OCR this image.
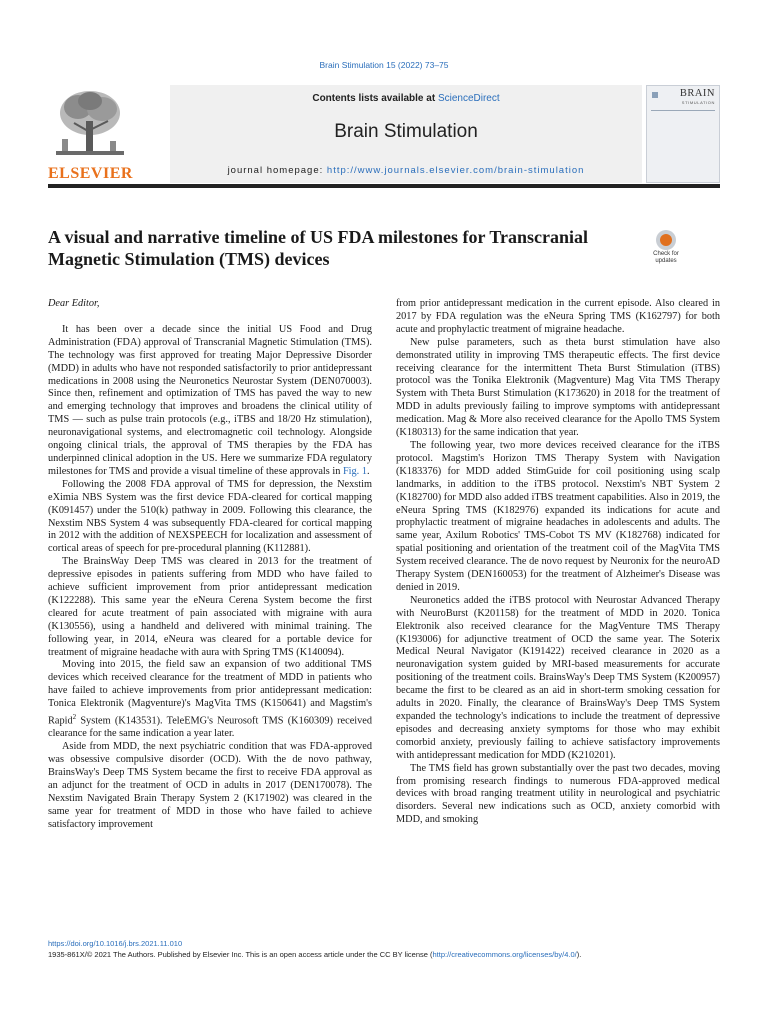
Brain Stimulation 15 (2022) 73–75
ELSEVIER
Contents lists available at ScienceDirect
Brain Stimulation
journal homepage: http://www.journals.elsevier.com/brain-stimulation
BRAIN
STIMULATION
A visual and narrative timeline of US FDA milestones for Transcranial Magnetic Stimulation (TMS) devices	Check for updates

Dear Editor,

It has been over a decade since the initial US Food and Drug Administration (FDA) approval of Transcranial Magnetic Stimulation (TMS). The technology was first approved for treating Major Depressive Disorder (MDD) in adults who have not responded satisfactorily to prior antidepressant medications in 2008 using the Neuronetics Neurostar System (DEN070003). Since then, refinement and optimization of TMS has paved the way to new and emerging technology that improves and broadens the clinical utility of TMS — such as pulse train protocols (e.g., iTBS and 18/20 Hz stimulation), neuronavigational systems, and electromagnetic coil technology. Alongside ongoing clinical trials, the approval of TMS therapies by the FDA has underpinned clinical adoption in the US. Here we summarize FDA regulatory milestones for TMS and provide a visual timeline of these approvals in Fig. 1.

Following the 2008 FDA approval of TMS for depression, the Nexstim eXimia NBS System was the first device FDA-cleared for cortical mapping (K091457) under the 510(k) pathway in 2009. Following this clearance, the Nexstim NBS System 4 was subsequently FDA-cleared for cortical mapping in 2012 with the addition of NEXSPEECH for localization and assessment of cortical areas of speech for pre-procedural planning (K112881).

The BrainsWay Deep TMS was cleared in 2013 for the treatment of depressive episodes in patients suffering from MDD who have failed to achieve sufficient improvement from prior antidepressant medication (K122288). This same year the eNeura Cerena System become the first cleared for acute treatment of pain associated with migraine with aura (K130556), using a handheld and delivered with minimal training. The following year, in 2014, eNeura was cleared for a portable device for treatment of migraine headache with aura with Spring TMS (K140094).

Moving into 2015, the field saw an expansion of two additional TMS devices which received clearance for the treatment of MDD in patients who have failed to achieve improvements from prior antidepressant medication: Tonica Elektronik (Magventure)'s MagVita TMS (K150641) and Magstim's Rapid$^2$ System (K143531). TeleEMG's Neurosoft TMS (K160309) received clearance for the same indication a year later.

Aside from MDD, the next psychiatric condition that was FDA-approved was obsessive compulsive disorder (OCD). With the de novo pathway, BrainsWay's Deep TMS System became the first to receive FDA approval as an adjunct for the treatment of OCD in adults in 2017 (DEN170078). The Nexstim Navigated Brain Therapy System 2 (K171902) was cleared in the same year for treatment of MDD in those who have failed to achieve satisfactory improvement

from prior antidepressant medication in the current episode. Also cleared in 2017 by FDA regulation was the eNeura Spring TMS (K162797) for both acute and prophylactic treatment of migraine headache.

New pulse parameters, such as theta burst stimulation have also demonstrated utility in improving TMS therapeutic effects. The first device receiving clearance for the intermittent Theta Burst Stimulation (iTBS) protocol was the Tonika Elektronik (Magventure) Mag Vita TMS Therapy System with Theta Burst Stimulation (K173620) in 2018 for the treatment of MDD in adults previously failing to improve symptoms with antidepressant medication. Mag & More also received clearance for the Apollo TMS System (K180313) for the same indication that year.

The following year, two more devices received clearance for the iTBS protocol. Magstim's Horizon TMS Therapy System with Navigation (K183376) for MDD added StimGuide for coil positioning using scalp landmarks, in addition to the iTBS protocol. Nexstim's NBT System 2 (K182700) for MDD also added iTBS treatment capabilities. Also in 2019, the eNeura Spring TMS (K182976) expanded its indications for acute and prophylactic treatment of migraine headaches in adolescents and adults. The same year, Axilum Robotics' TMS-Cobot TS MV (K182768) indicated for spatial positioning and orientation of the treatment coil of the MagVita TMS System received clearance. The de novo request by Neuronix for the neuroAD Therapy System (DEN160053) for the treatment of Alzheimer's Disease was denied in 2019.

Neuronetics added the iTBS protocol with Neurostar Advanced Therapy with NeuroBurst (K201158) for the treatment of MDD in 2020. Tonica Elektronik also received clearance for the MagVenture TMS Therapy (K193006) for adjunctive treatment of OCD the same year. The Soterix Medical Neural Navigator (K191422) received clearance in 2020 as a neuronavigation system guided by MRI-based measurements for accurate positioning of the treatment coils. BrainsWay's Deep TMS System (K200957) became the first to be cleared as an aid in short-term smoking cessation for adults in 2020. Finally, the clearance of BrainsWay's Deep TMS System expanded the technology's indications to include the treatment of depressive episodes and decreasing anxiety symptoms for those who may exhibit comorbid anxiety, previously failing to achieve satisfactory improvements with antidepressant medication for MDD (K210201).

The TMS field has grown substantially over the past two decades, moving from promising research findings to numerous FDA-approved medical devices with broad ranging treatment utility in neurological and psychiatric disorders. Several new indications such as OCD, anxiety comorbid with MDD, and smoking

https://doi.org/10.1016/j.brs.2021.11.010
1935-861X/© 2021 The Authors. Published by Elsevier Inc. This is an open access article under the CC BY license (http://creativecommons.org/licenses/by/4.0/).
